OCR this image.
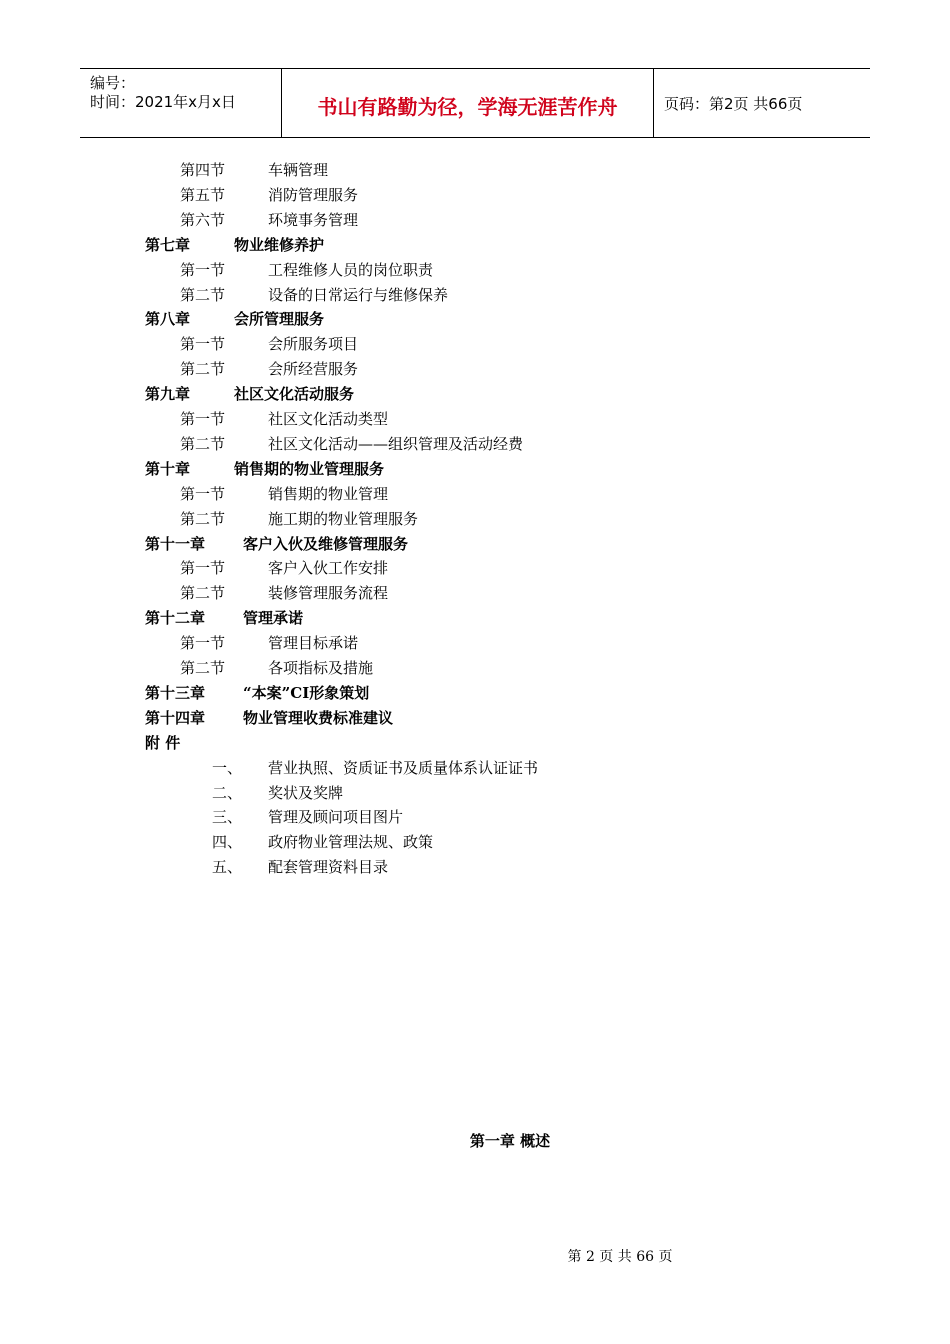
编号：
时间：2021年x月x日	书山有路勤为径，学海无涯苦作舟	页码：第2页 共66页
第四节	车辆管理
第五节	消防管理服务
第六节	环境事务管理
第七章	物业维修养护
第一节	工程维修人员的岗位职责
第二节	设备的日常运行与维修保养
第八章	会所管理服务
第一节	会所服务项目
第二节	会所经营服务
第九章	社区文化活动服务
第一节	社区文化活动类型
第二节	社区文化活动——组织管理及活动经费
第十章	销售期的物业管理服务
第一节	销售期的物业管理
第二节	施工期的物业管理服务
第十一章	客户入伙及维修管理服务
第一节	客户入伙工作安排
第二节	装修管理服务流程
第十二章	管理承诺
第一节	管理目标承诺
第二节	各项指标及措施
第十三章	“本案”CI形象策划
第十四章	物业管理收费标准建议
附 件
一、 营业执照、资质证书及质量体系认证证书
二、 奖状及奖牌
三、 管理及顾问项目图片
四、 政府物业管理法规、政策
五、 配套管理资料目录
第一章 概述
第 2 页 共 66 页
